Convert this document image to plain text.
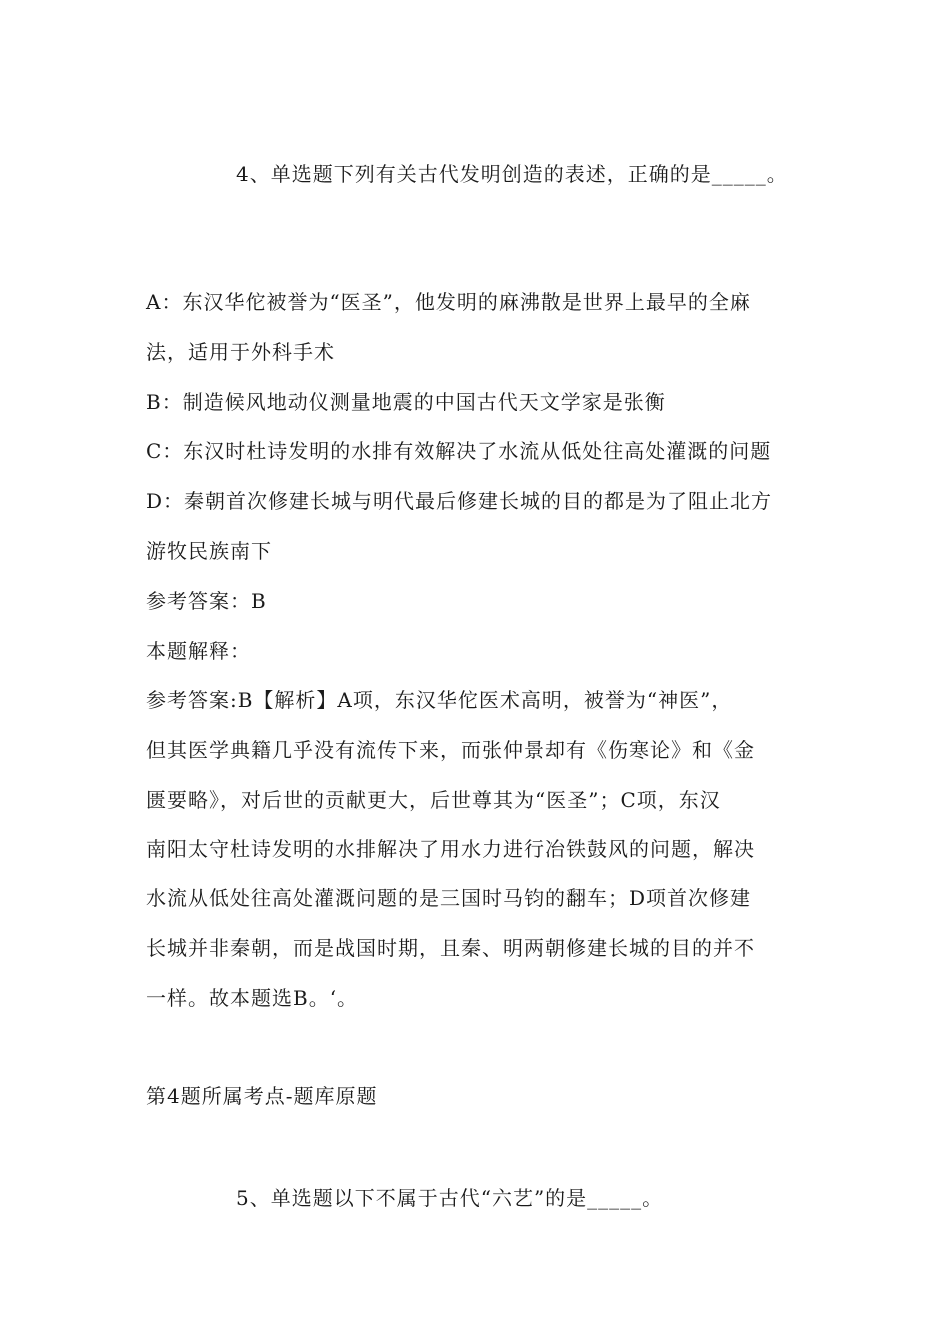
4、单选题下列有关古代发明创造的表述，正确的是_____。
A：东汉华佗被誉为“医圣”，他发明的麻沸散是世界上最早的全麻
法，适用于外科手术
B：制造候风地动仪测量地震的中国古代天文学家是张衡
C：东汉时杜诗发明的水排有效解决了水流从低处往高处灌溉的问题
D：秦朝首次修建长城与明代最后修建长城的目的都是为了阻止北方
游牧民族南下
参考答案：B
本题解释：
参考答案:B【解析】A项，东汉华佗医术高明，被誉为“神医”，
但其医学典籍几乎没有流传下来，而张仲景却有《伤寒论》和《金
匮要略》，对后世的贡献更大，后世尊其为“医圣”；C项，东汉
南阳太守杜诗发明的水排解决了用水力进行冶铁鼓风的问题，解决
水流从低处往高处灌溉问题的是三国时马钧的翻车；D项首次修建
长城并非秦朝，而是战国时期，且秦、明两朝修建长城的目的并不
一样。故本题选B。‘。
第4题所属考点-题库原题
5、单选题以下不属于古代“六艺”的是_____。
